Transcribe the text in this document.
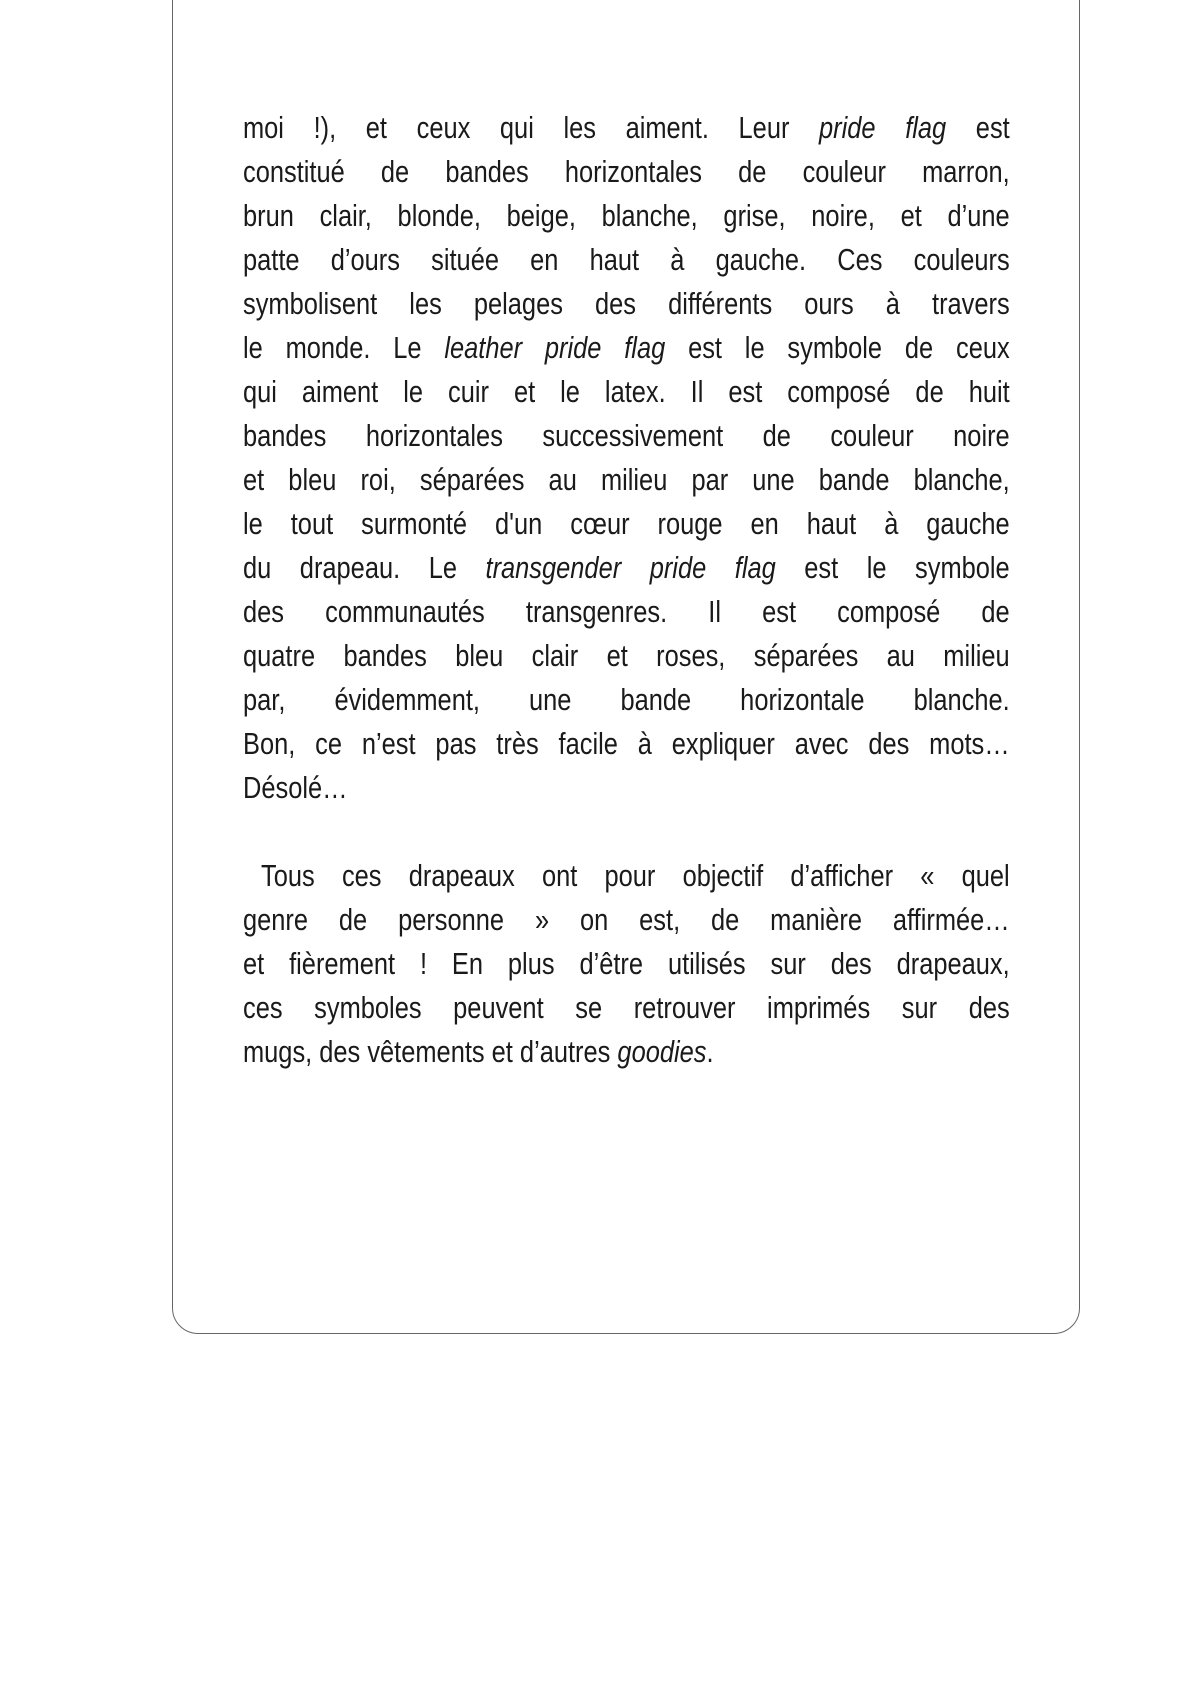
moi !), et ceux qui les aiment. Leur pride flag est
constitué de bandes horizontales de couleur marron,
brun clair, blonde, beige, blanche, grise, noire, et d’une
patte d’ours située en haut à gauche. Ces couleurs
symbolisent les pelages des différents ours à travers
le monde. Le leather pride flag est le symbole de ceux
qui aiment le cuir et le latex. Il est composé de huit
bandes horizontales successivement de couleur noire
et bleu roi, séparées au milieu par une bande blanche,
le tout surmonté d'un cœur rouge en haut à gauche
du drapeau. Le transgender pride flag est le symbole
des communautés transgenres. Il est composé de
quatre bandes bleu clair et roses, séparées au milieu
par, évidemment, une bande horizontale blanche.
Bon, ce n’est pas très facile à expliquer avec des mots…
Désolé…
Tous ces drapeaux ont pour objectif d’afficher « quel
genre de personne » on est, de manière affirmée…
et fièrement ! En plus d’être utilisés sur des drapeaux,
ces symboles peuvent se retrouver imprimés sur des
mugs, des vêtements et d’autres goodies.
